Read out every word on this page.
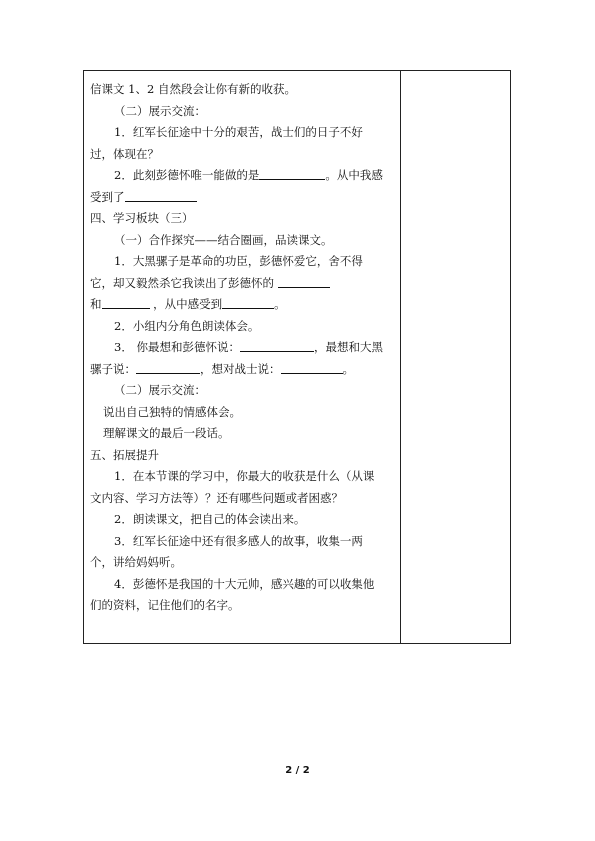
信课文 1、2 自然段会让你有新的收获。
（二）展示交流：
1．红军长征途中十分的艰苦，战士们的日子不好
过，体现在？
2．此刻彭德怀唯一能做的是	。从中我感
受到了
四、学习板块（三）
（一）合作探究——结合圈画，品读课文。
1．大黑骡子是革命的功臣，彭德怀爱它，舍不得
它，却又毅然杀它我读出了彭德怀的
和	，从中感受到	。
2．小组内分角色朗读体会。
3． 你最想和彭德怀说：	，最想和大黑
骡子说：	，想对战士说：	。
（二）展示交流：
说出自己独特的情感体会。
理解课文的最后一段话。
五、拓展提升
1．在本节课的学习中，你最大的收获是什么（从课
文内容、学习方法等）？还有哪些问题或者困惑？
2．朗读课文，把自己的体会读出来。
3．红军长征途中还有很多感人的故事，收集一两
个，讲给妈妈听。
4．彭德怀是我国的十大元帅，感兴趣的可以收集他
们的资料，记住他们的名字。
2 / 2
